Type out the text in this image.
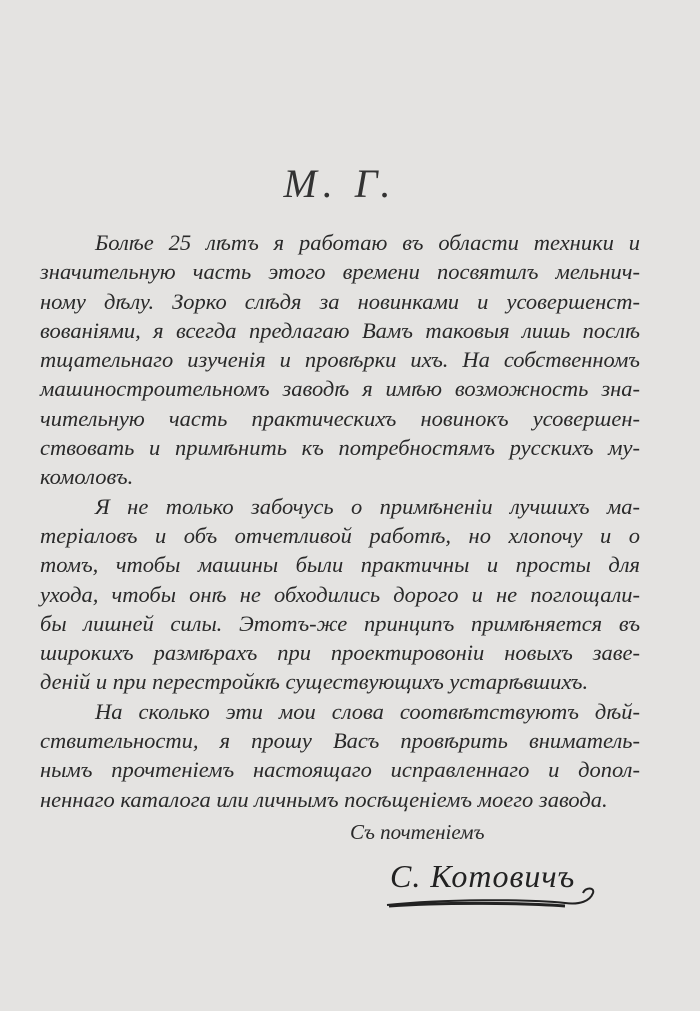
М. Г.
Болѣе 25 лѣтъ я работаю въ области техники и
значительную часть этого времени посвятилъ мельнич-
ному дѣлу. Зорко слѣдя за новинками и усовершенст-
вованіями, я всегда предлагаю Вамъ таковыя лишь послѣ
тщательнаго изученія и провѣрки ихъ. На собственномъ
машиностроительномъ заводѣ я имѣю возможность зна-
чительную часть практическихъ новинокъ усовершен-
ствовать и примѣнить къ потребностямъ русскихъ му-
комоловъ.
Я не только забочусь о примѣненіи лучшихъ ма-
теріаловъ и объ отчетливой работѣ, но хлопочу и о
томъ, чтобы машины были практичны и просты для
ухода, чтобы онѣ не обходились дорого и не поглощали-
бы лишней силы. Этотъ-же принципъ примѣняется въ
широкихъ размѣрахъ при проектировоніи новыхъ заве-
деній и при перестройкѣ существующихъ устарѣвшихъ.
На сколько эти мои слова соотвѣтствуютъ дѣй-
ствительности, я прошу Васъ провѣрить вниматель-
нымъ прочтеніемъ настоящаго исправленнаго и допол-
неннаго каталога или личнымъ посѣщеніемъ моего завода.
Съ почтеніемъ
С. Котовичъ
